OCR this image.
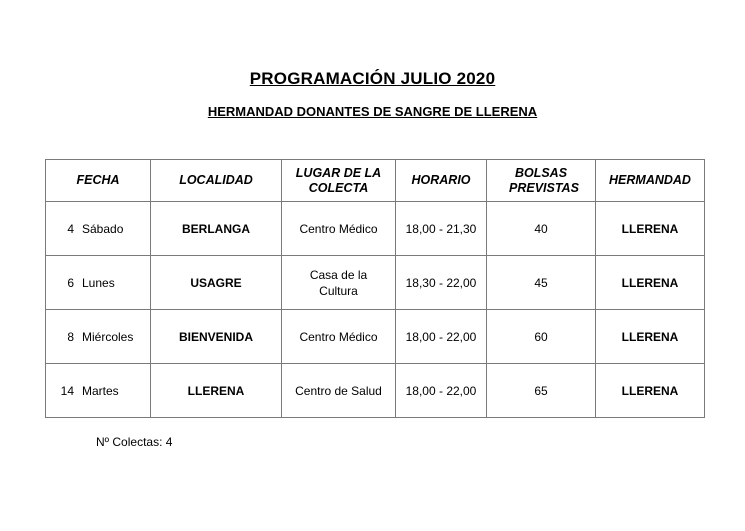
PROGRAMACIÓN JULIO 2020
HERMANDAD DONANTES DE SANGRE DE LLERENA
FECHA	LOCALIDAD	LUGAR DE LA COLECTA	HORARIO	BOLSAS PREVISTAS	HERMANDAD
4 Sábado	BERLANGA	Centro Médico	18,00 - 21,30	40	LLERENA
6 Lunes	USAGRE	Casa de la Cultura	18,30 - 22,00	45	LLERENA
8 Miércoles	BIENVENIDA	Centro Médico	18,00 - 22,00	60	LLERENA
14 Martes	LLERENA	Centro de Salud	18,00 - 22,00	65	LLERENA
Nº Colectas: 4
